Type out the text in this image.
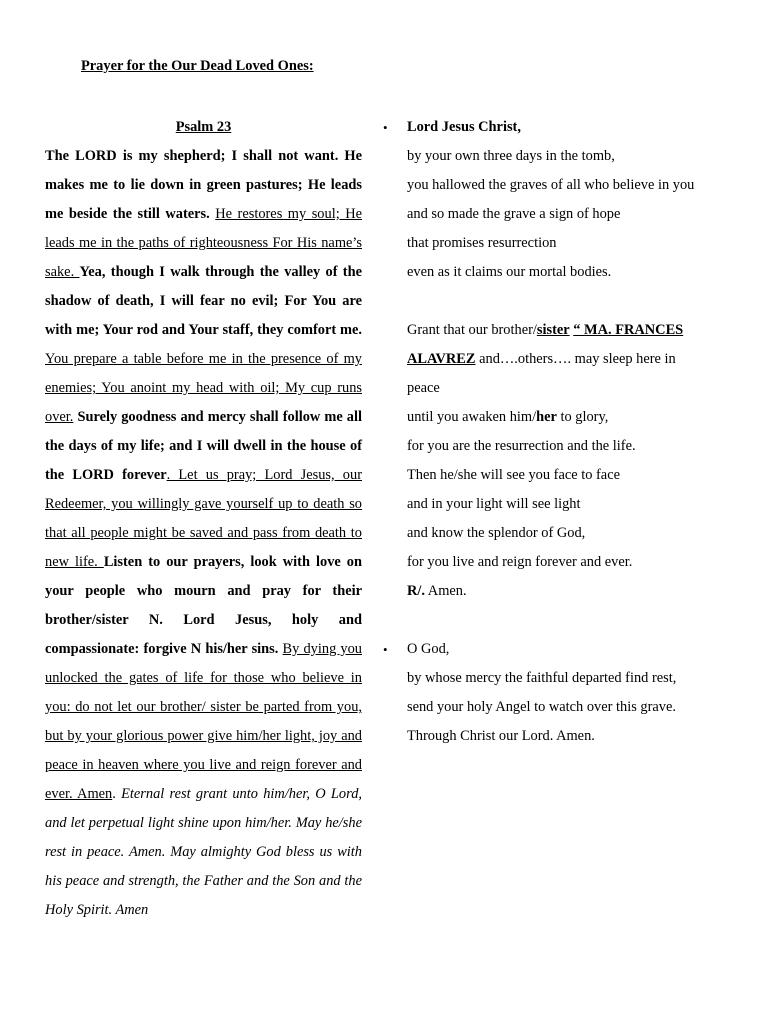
Prayer for the Our Dead Loved Ones:
Psalm 23
The LORD is my shepherd; I shall not want. He makes me to lie down in green pastures; He leads me beside the still waters. He restores my soul; He leads me in the paths of righteousness For His name’s sake. Yea, though I walk through the valley of the shadow of death, I will fear no evil; For You are with me; Your rod and Your staff, they comfort me. You prepare a table before me in the presence of my enemies; You anoint my head with oil; My cup runs over. Surely goodness and mercy shall follow me all the days of my life; and I will dwell in the house of the LORD forever. Let us pray; Lord Jesus, our Redeemer, you willingly gave yourself up to death so that all people might be saved and pass from death to new life. Listen to our prayers, look with love on your people who mourn and pray for their brother/sister N. Lord Jesus, holy and compassionate: forgive N his/her sins. By dying you unlocked the gates of life for those who believe in you: do not let our brother/ sister be parted from you, but by your glorious power give him/her light, joy and peace in heaven where you live and reign forever and ever. Amen. Eternal rest grant unto him/her, O Lord, and let perpetual light shine upon him/her. May he/she rest in peace. Amen. May almighty God bless us with his peace and strength, the Father and the Son and the Holy Spirit. Amen
• Lord Jesus Christ,
by your own three days in the tomb,
you hallowed the graves of all who believe in you
and so made the grave a sign of hope
that promises resurrection
even as it claims our mortal bodies.
Grant that our brother/sister “ MA. FRANCES
ALAVREZ and….others…. may sleep here in
peace
until you awaken him/her to glory,
for you are the resurrection and the life.
Then he/she will see you face to face
and in your light will see light
and know the splendor of God,
for you live and reign forever and ever.
R/. Amen.
• O God,
by whose mercy the faithful departed find rest,
send your holy Angel to watch over this grave.
Through Christ our Lord. Amen.
